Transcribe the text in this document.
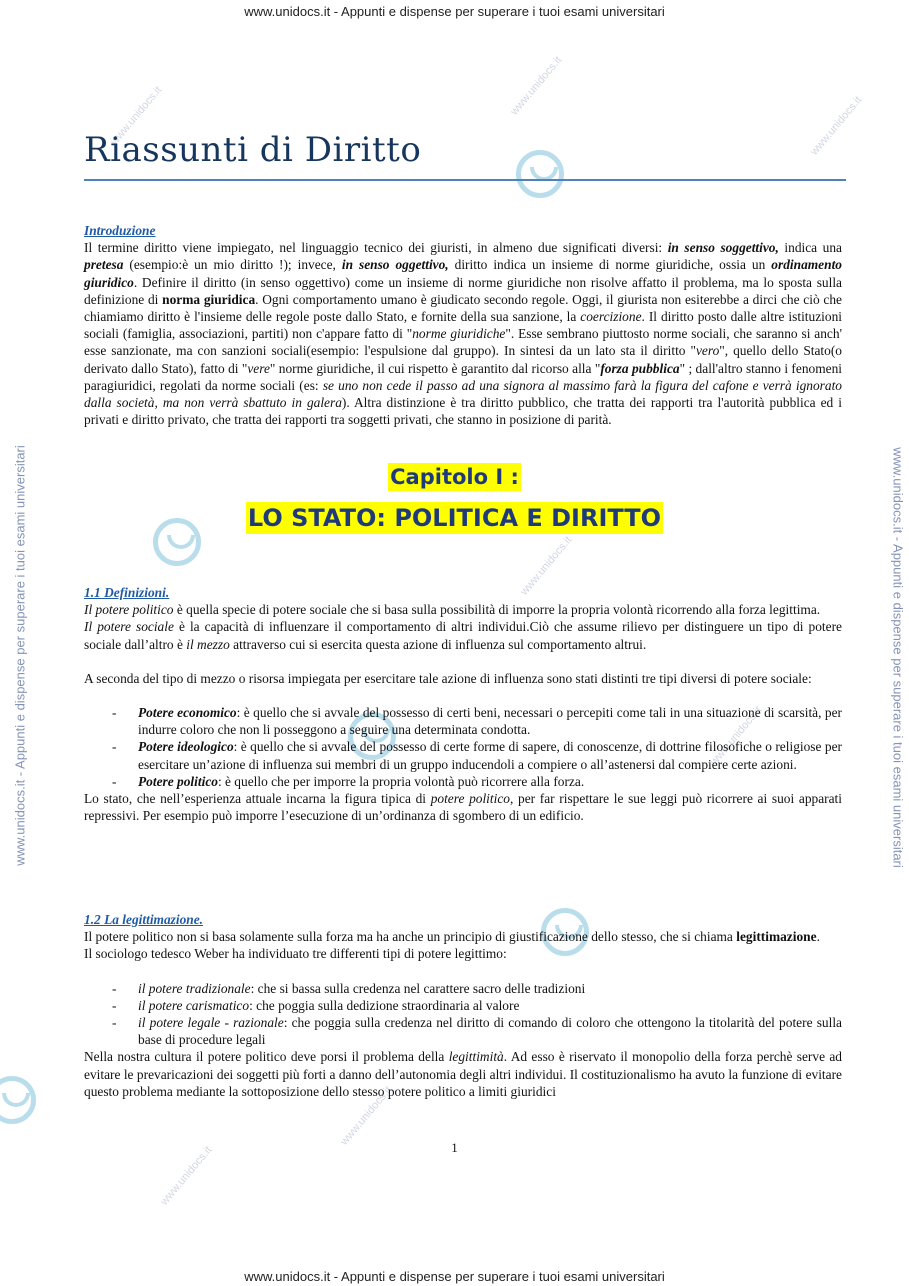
www.unidocs.it - Appunti e dispense per superare i tuoi esami universitari
www.unidocs.it - Appunti e dispense per superare i tuoi esami universitari
www.unidocs.it - Appunti e dispense per superare i tuoi esami universitari	www.unidocs.it - Appunti e dispense per superare i tuoi esami universitari
www.unidocs.it	www.unidocs.it
www.unidocs.it
www.unidocs.it
www.unidocs.it
www.unidocs.it
www.unidocs.it
Riassunti di Diritto
Introduzione

Il termine diritto viene impiegato, nel linguaggio tecnico dei giuristi, in almeno due significati diversi: in senso soggettivo, indica una pretesa (esempio:è un mio diritto !); invece, in senso oggettivo, diritto indica un insieme di norme giuridiche, ossia un ordinamento giuridico. Definire il diritto (in senso oggettivo) come un insieme di norme giuridiche non risolve affatto il problema, ma lo sposta sulla definizione di norma giuridica. Ogni comportamento umano è giudicato secondo regole. Oggi, il giurista non esiterebbe a dirci che ciò che chiamiamo diritto è l'insieme delle regole poste dallo Stato, e fornite della sua sanzione, la coercizione. Il diritto posto dalle altre istituzioni sociali (famiglia, associazioni, partiti) non c'appare fatto di "norme giuridiche". Esse sembrano piuttosto norme sociali, che saranno si anch' esse sanzionate, ma con sanzioni sociali(esempio: l'espulsione dal gruppo). In sintesi da un lato sta il diritto "vero", quello dello Stato(o derivato dallo Stato), fatto di "vere" norme giuridiche, il cui rispetto è garantito dal ricorso alla "forza pubblica" ; dall'altro stanno i fenomeni paragiuridici, regolati da norme sociali (es: se uno non cede il passo ad una signora al massimo farà la figura del cafone e verrà ignorato dalla società, ma non verrà sbattuto in galera). Altra distinzione è tra diritto pubblico, che tratta dei rapporti tra l'autorità pubblica ed i privati e diritto privato, che tratta dei rapporti tra soggetti privati, che stanno in posizione di parità.

Capitolo I :
LO STATO: POLITICA E DIRITTO
1.1 Definizioni.

Il potere politico è quella specie di potere sociale che si basa sulla possibilità di imporre la propria volontà ricorrendo alla forza legittima.

Il potere sociale è la capacità di influenzare il comportamento di altri individui.Ciò che assume rilievo per distinguere un tipo di potere sociale dall’altro è il mezzo attraverso cui si esercita questa azione di influenza sul comportamento altrui.

A seconda del tipo di mezzo o risorsa impiegata per esercitare tale azione di influenza sono stati distinti tre tipi diversi di potere sociale:

- Potere economico: è quello che si avvale del possesso di certi beni, necessari o percepiti come tali in una situazione di scarsità, per indurre coloro che non li posseggono a seguire una determinata condotta.
- Potere ideologico: è quello che si avvale del possesso di certe forme di sapere, di conoscenze, di dottrine filosofiche o religiose per esercitare un’azione di influenza sui membri di un gruppo inducendoli a compiere o all’astenersi dal compiere certe azioni.
- Potere politico: è quello che per imporre la propria volontà può ricorrere alla forza.

Lo stato, che nell’esperienza attuale incarna la figura tipica di potere politico, per far rispettare le sue leggi può ricorrere ai suoi apparati repressivi. Per esempio può imporre l’esecuzione di un’ordinanza di sgombero di un edificio.

1.2 La legittimazione.

Il potere politico non si basa solamente sulla forza ma ha anche un principio di giustificazione dello stesso, che si chiama legittimazione.

Il sociologo tedesco Weber ha individuato tre differenti tipi di potere legittimo:

- il potere tradizionale: che si bassa sulla credenza nel carattere sacro delle tradizioni
- il potere carismatico: che poggia sulla dedizione straordinaria al valore
- il potere legale - razionale: che poggia sulla credenza nel diritto di comando di coloro che ottengono la titolarità del potere sulla base di procedure legali

Nella nostra cultura il potere politico deve porsi il problema della legittimità. Ad esso è riservato il monopolio della forza perchè serve ad evitare le prevaricazioni dei soggetti più forti a danno dell’autonomia degli altri individui. Il costituzionalismo ha avuto la funzione di evitare questo problema mediante la sottoposizione dello stesso potere politico a limiti giuridici

1
